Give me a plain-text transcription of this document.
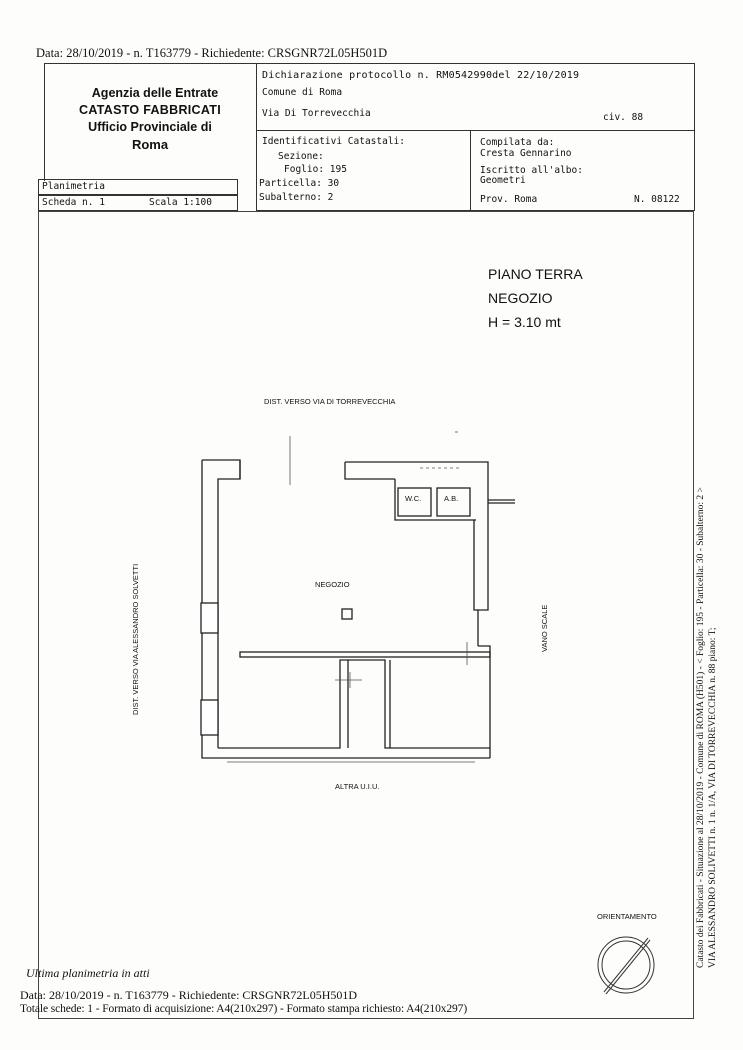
Data: 28/10/2019 - n. T163779 - Richiedente: CRSGNR72L05H501D
Agenzia delle Entrate
CATASTO FABBRICATI
Ufficio Provinciale di
Roma
Dichiarazione protocollo n. RM0542990del 22/10/2019
Comune di Roma
Via Di Torrevecchia	civ. 88
Identificativi Catastali:
Sezione:
Foglio: 195
Particella: 30
Subalterno: 2
Compilata da:
Cresta Gennarino
Iscritto all'albo:
Geometri
Prov. Roma	N. 08122
Planimetria
Scheda n. 1	Scala 1:100
PIANO TERRA
NEGOZIO
H = 3.10 mt
DIST. VERSO VIA DI TORREVECCHIA
DIST. VERSO VIA ALESSANDRO SOLVETTI	VANO SCALE
ALTRA U.I.U.
NEGOZIO
W.C.	A.B.
ORIENTAMENTO	Catasto dei Fabbricati - Situazione al 28/10/2019 - Comune di ROMA (H501) - < Foglio: 195 - Particella: 30 - Subalterno: 2 > VIA ALESSANDRO SOLIVETTI n. 1 n. 1/A, VIA DI TORREVECCHIA n. 88 piano: T;
Ultima planimetria in atti
Data: 28/10/2019 - n. T163779 - Richiedente: CRSGNR72L05H501D
Totale schede: 1 - Formato di acquisizione: A4(210x297) - Formato stampa richiesto: A4(210x297)
